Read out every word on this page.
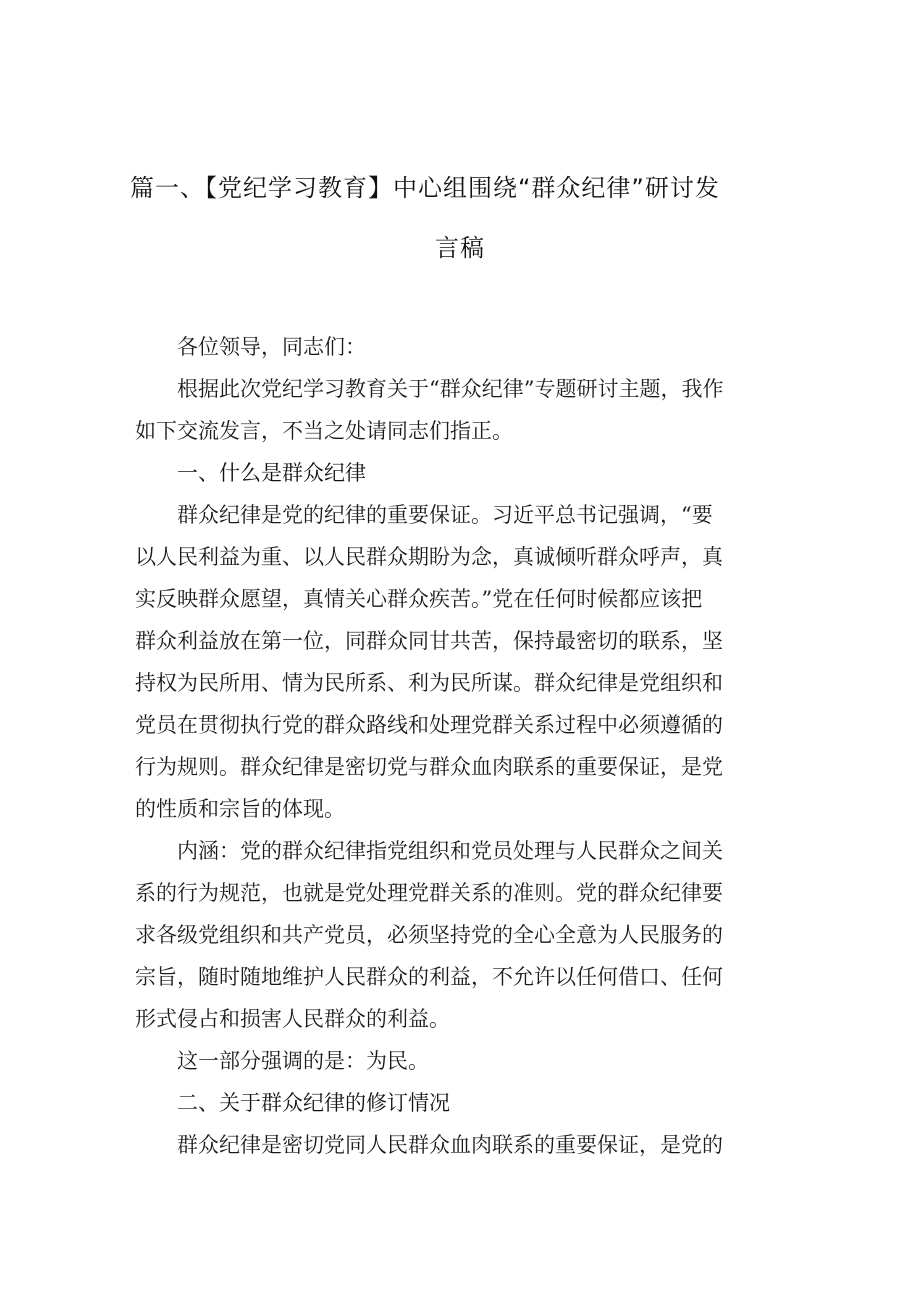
篇一、【党纪学习教育】中心组围绕“群众纪律”研讨发
言稿

各位领导，同志们：

根据此次党纪学习教育关于“群众纪律”专题研讨主题，我作
如下交流发言，不当之处请同志们指正。

一、什么是群众纪律

群众纪律是党的纪律的重要保证。习近平总书记强调，“要
以人民利益为重、以人民群众期盼为念，真诚倾听群众呼声，真
实反映群众愿望，真情关心群众疾苦。”党在任何时候都应该把
群众利益放在第一位，同群众同甘共苦，保持最密切的联系，坚
持权为民所用、情为民所系、利为民所谋。群众纪律是党组织和
党员在贯彻执行党的群众路线和处理党群关系过程中必须遵循的
行为规则。群众纪律是密切党与群众血肉联系的重要保证，是党
的性质和宗旨的体现。
内涵：党的群众纪律指党组织和党员处理与人民群众之间关
系的行为规范，也就是党处理党群关系的准则。党的群众纪律要
求各级党组织和共产党员，必须坚持党的全心全意为人民服务的
宗旨，随时随地维护人民群众的利益，不允许以任何借口、任何
形式侵占和损害人民群众的利益。

这一部分强调的是：为民。

二、关于群众纪律的修订情况

群众纪律是密切党同人民群众血肉联系的重要保证，是党的
